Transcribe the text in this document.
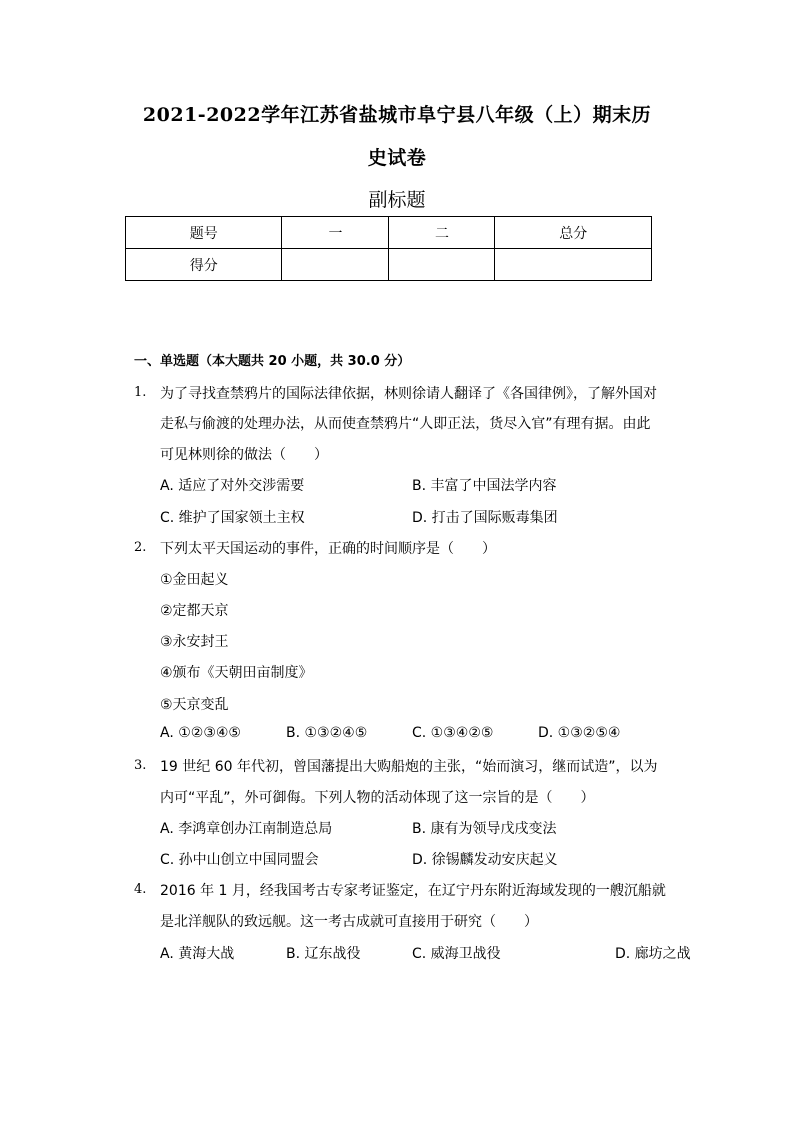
2021-2022学年江苏省盐城市阜宁县八年级（上）期末历
史试卷
副标题
题号	一	二	总分
得分			
一、单选题（本大题共 20 小题，共 30.0 分）
1. 为了寻找查禁鸦片的国际法律依据，林则徐请人翻译了《各国律例》，了解外国对
走私与偷渡的处理办法，从而使查禁鸦片“人即正法，货尽入官”有理有据。由此
可见林则徐的做法（　　）
A. 适应了对外交涉需要	B. 丰富了中国法学内容
C. 维护了国家领土主权	D. 打击了国际贩毒集团
2. 下列太平天国运动的事件，正确的时间顺序是（　　）
①金田起义
②定都天京
③永安封王
④颁布《天朝田亩制度》
⑤天京变乱
A. ①②③④⑤	B. ①③②④⑤	C. ①③④②⑤	D. ①③②⑤④
3. 19 世纪 60 年代初，曾国藩提出大购船炮的主张，“始而演习，继而试造”，以为
内可“平乱”，外可御侮。下列人物的活动体现了这一宗旨的是（　　）
A. 李鸿章创办江南制造总局	B. 康有为领导戊戌变法
C. 孙中山创立中国同盟会	D. 徐锡麟发动安庆起义
4. 2016 年 1 月，经我国考古专家考证鉴定，在辽宁丹东附近海域发现的一艘沉船就
是北洋舰队的致远舰。这一考古成就可直接用于研究（　　）
A. 黄海大战	B. 辽东战役	C. 威海卫战役	D. 廊坊之战
